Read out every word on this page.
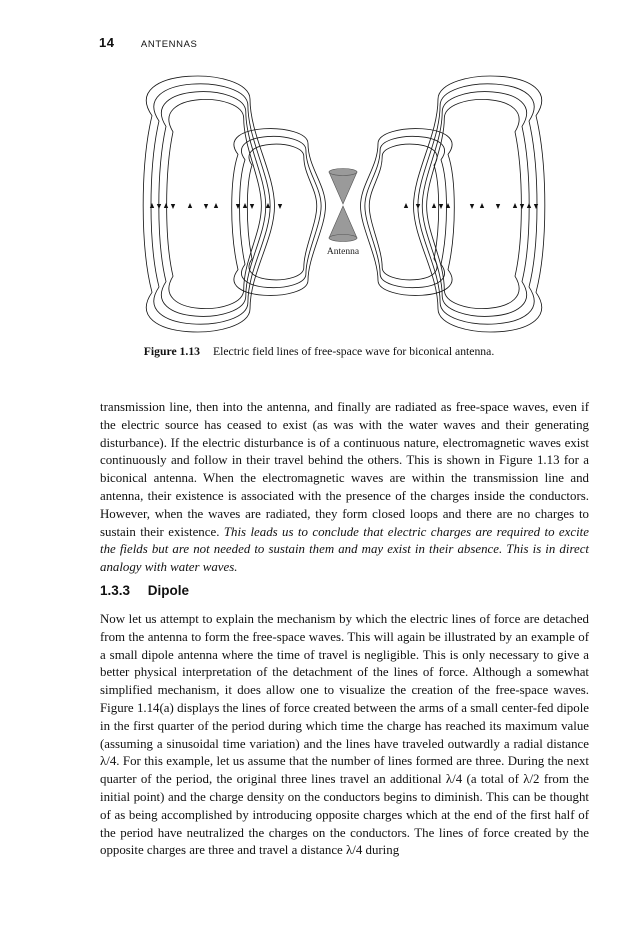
14	ANTENNAS
Antenna
Figure 1.13 Electric field lines of free-space wave for biconical antenna.

transmission line, then into the antenna, and finally are radiated as free-space waves, even if the electric source has ceased to exist (as was with the water waves and their generating disturbance). If the electric disturbance is of a continuous nature, electromagnetic waves exist continuously and follow in their travel behind the others. This is shown in Figure 1.13 for a biconical antenna. When the electromagnetic waves are within the transmission line and antenna, their existence is associated with the presence of the charges inside the conductors. However, when the waves are radiated, they form closed loops and there are no charges to sustain their existence. This leads us to conclude that electric charges are required to excite the fields but are not needed to sustain them and may exist in their absence. This is in direct analogy with water waves.

1.3.3 Dipole

Now let us attempt to explain the mechanism by which the electric lines of force are detached from the antenna to form the free-space waves. This will again be illustrated by an example of a small dipole antenna where the time of travel is negligible. This is only necessary to give a better physical interpretation of the detachment of the lines of force. Although a somewhat simplified mechanism, it does allow one to visualize the creation of the free-space waves. Figure 1.14(a) displays the lines of force created between the arms of a small center-fed dipole in the first quarter of the period during which time the charge has reached its maximum value (assuming a sinusoidal time variation) and the lines have traveled outwardly a radial distance λ/4. For this example, let us assume that the number of lines formed are three. During the next quarter of the period, the original three lines travel an additional λ/4 (a total of λ/2 from the initial point) and the charge density on the conductors begins to diminish. This can be thought of as being accomplished by introducing opposite charges which at the end of the first half of the period have neutralized the charges on the conductors. The lines of force created by the opposite charges are three and travel a distance λ/4 during
